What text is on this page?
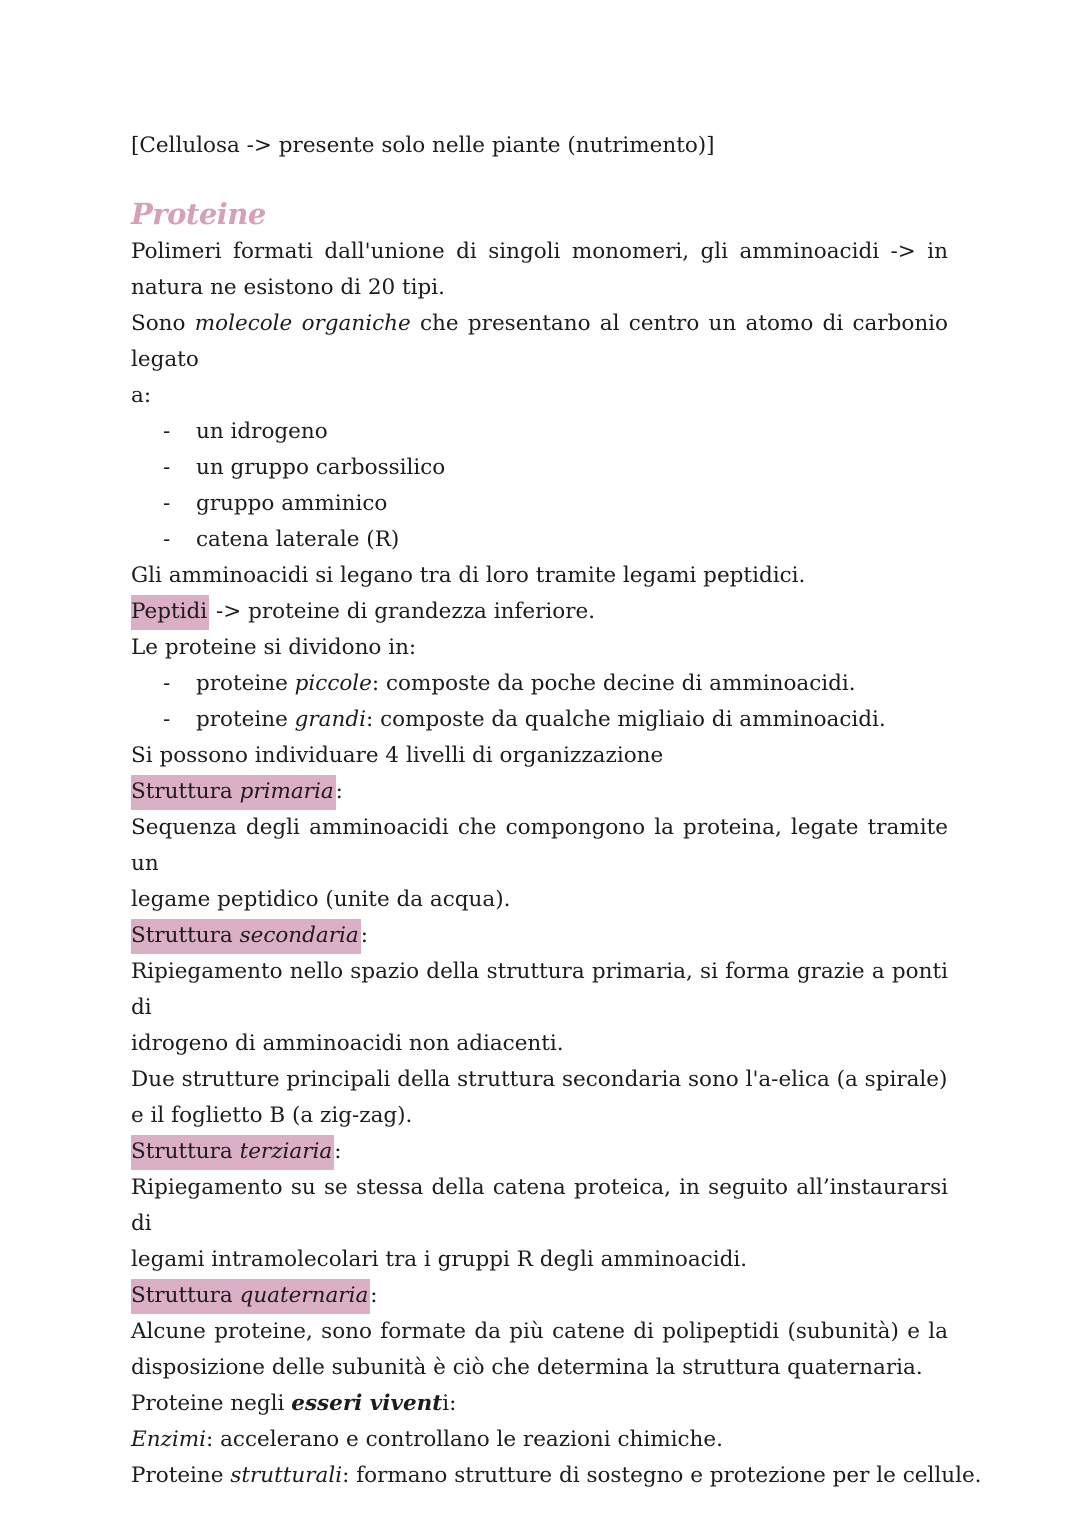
[Cellulosa -> presente solo nelle piante (nutrimento)]
Proteine
Polimeri formati dall'unione di singoli monomeri, gli amminoacidi -> in
natura ne esistono di 20 tipi.
Sono molecole organiche che presentano al centro un atomo di carbonio legato
a:
- un idrogeno
- un gruppo carbossilico
- gruppo amminico
- catena laterale (R)
Gli amminoacidi si legano tra di loro tramite legami peptidici.
Peptidi -> proteine di grandezza inferiore.
Le proteine si dividono in:
- proteine piccole: composte da poche decine di amminoacidi.
- proteine grandi: composte da qualche migliaio di amminoacidi.
Si possono individuare 4 livelli di organizzazione
Struttura primaria:
Sequenza degli amminoacidi che compongono la proteina, legate tramite un
legame peptidico (unite da acqua).
Struttura secondaria:
Ripiegamento nello spazio della struttura primaria, si forma grazie a ponti di
idrogeno di amminoacidi non adiacenti.
Due strutture principali della struttura secondaria sono l'a-elica (a spirale)
e il foglietto B (a zig-zag).
Struttura terziaria:
Ripiegamento su se stessa della catena proteica, in seguito all’instaurarsi di
legami intramolecolari tra i gruppi R degli amminoacidi.
Struttura quaternaria:
Alcune proteine, sono formate da più catene di polipeptidi (subunità) e la
disposizione delle subunità è ciò che determina la struttura quaternaria.
Proteine negli esseri viventi:
Enzimi: accelerano e controllano le reazioni chimiche.
Proteine strutturali: formano strutture di sostegno e protezione per le cellule.
